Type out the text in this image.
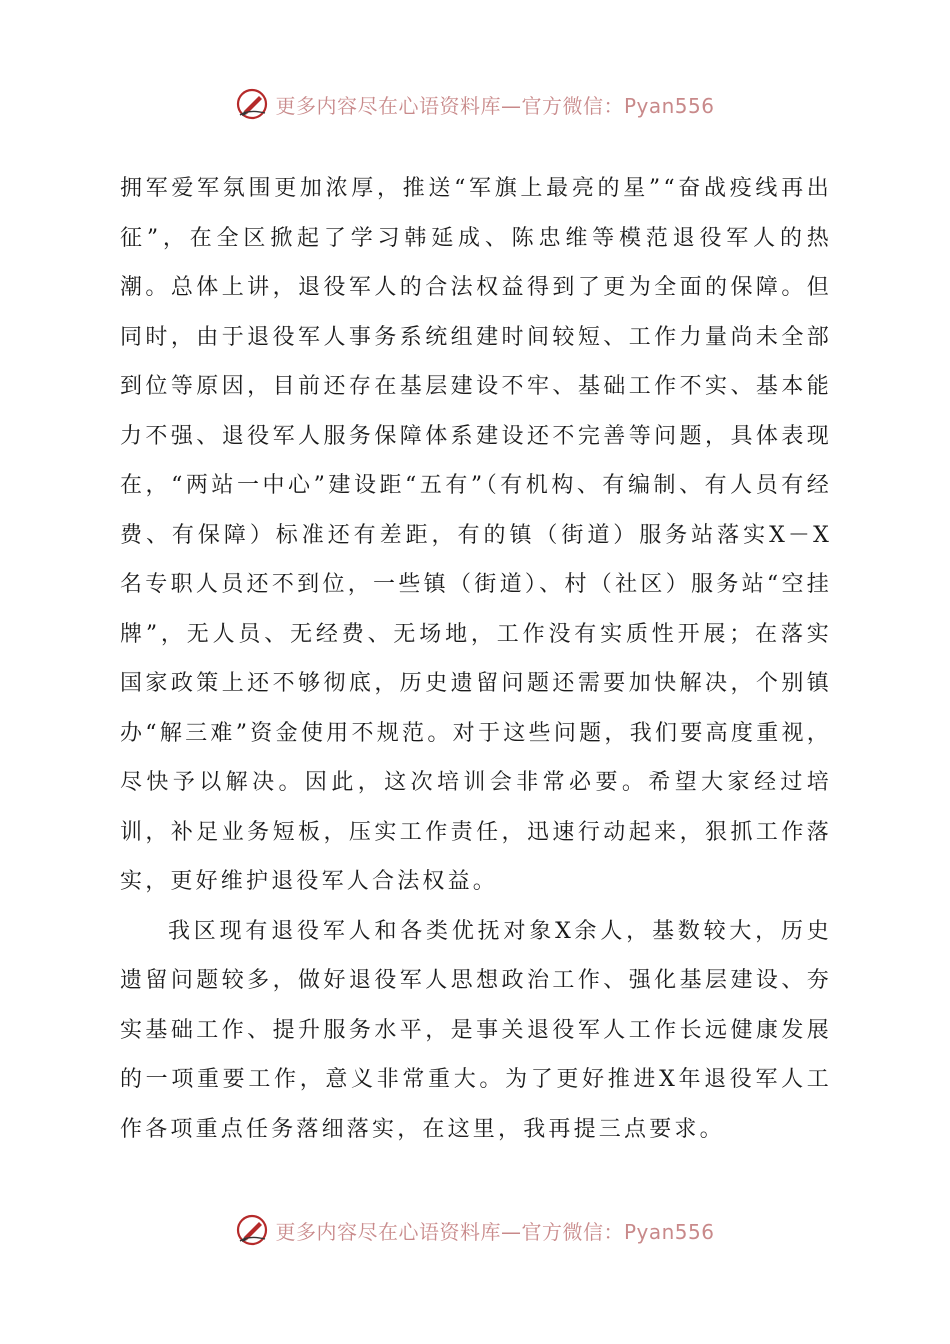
更多内容尽在心语资料库—官方微信：Pyan556

拥军爱军氛围更加浓厚，推送“军旗上最亮的星”“奋战疫线再出征”，在全区掀起了学习韩延成、陈忠维等模范退役军人的热潮。总体上讲，退役军人的合法权益得到了更为全面的保障。但同时，由于退役军人事务系统组建时间较短、工作力量尚未全部到位等原因，目前还存在基层建设不牢、基础工作不实、基本能力不强、退役军人服务保障体系建设还不完善等问题，具体表现在，“两站一中心”建设距“五有”（有机构、有编制、有人员有经费、有保障）标准还有差距，有的镇（街道）服务站落实X－X名专职人员还不到位，一些镇（街道）、村（社区）服务站“空挂牌”，无人员、无经费、无场地，工作没有实质性开展；在落实国家政策上还不够彻底，历史遗留问题还需要加快解决，个别镇办“解三难”资金使用不规范。对于这些问题，我们要高度重视，尽快予以解决。因此，这次培训会非常必要。希望大家经过培训，补足业务短板，压实工作责任，迅速行动起来，狠抓工作落实，更好维护退役军人合法权益。

我区现有退役军人和各类优抚对象X余人，基数较大，历史遗留问题较多，做好退役军人思想政治工作、强化基层建设、夯实基础工作、提升服务水平，是事关退役军人工作长远健康发展的一项重要工作，意义非常重大。为了更好推进X年退役军人工作各项重点任务落细落实，在这里，我再提三点要求。

更多内容尽在心语资料库—官方微信：Pyan556
